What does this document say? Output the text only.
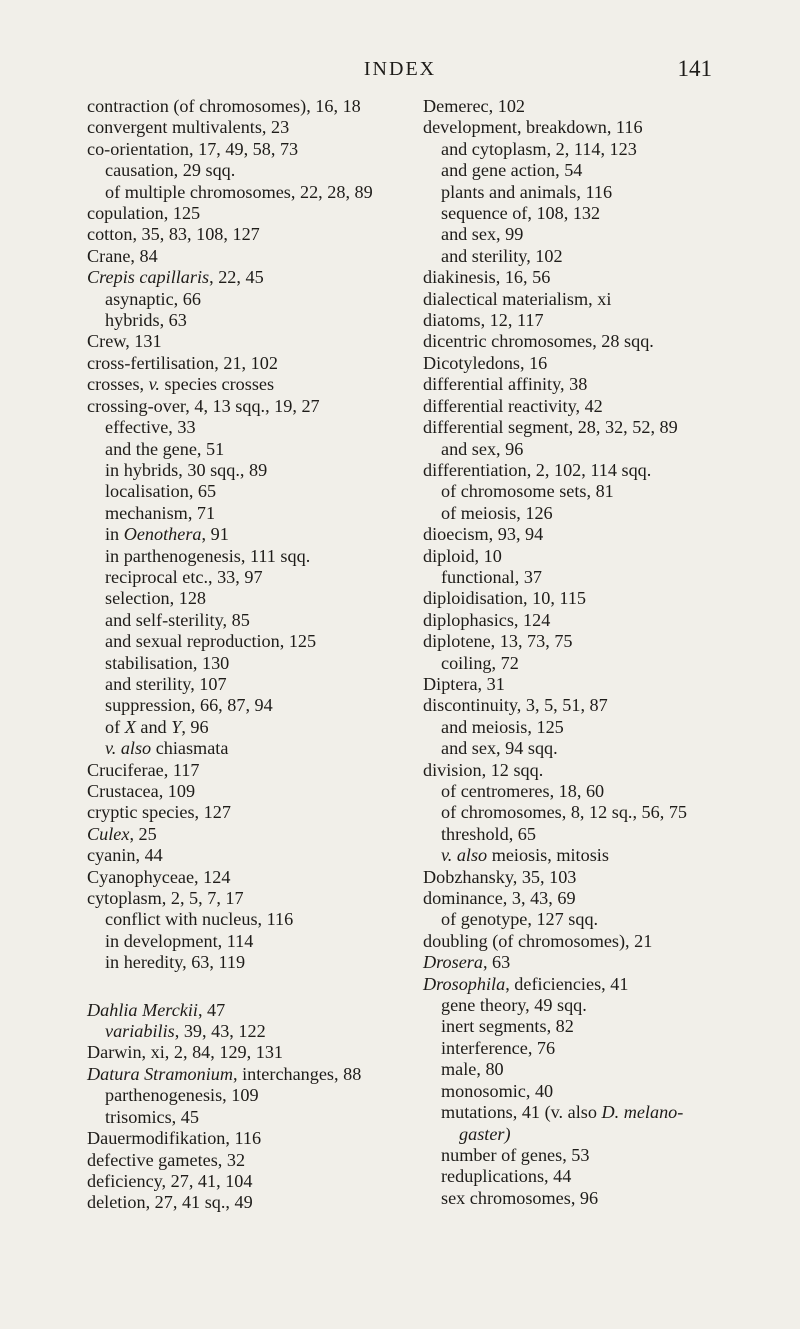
INDEX	141
contraction (of chromosomes), 16, 18
convergent multivalents, 23
co-orientation, 17, 49, 58, 73
causation, 29 sqq.
of multiple chromosomes, 22, 28, 89
copulation, 125
cotton, 35, 83, 108, 127
Crane, 84
Crepis capillaris, 22, 45
asynaptic, 66
hybrids, 63
Crew, 131
cross-fertilisation, 21, 102
crosses, v. species crosses
crossing-over, 4, 13 sqq., 19, 27
effective, 33
and the gene, 51
in hybrids, 30 sqq., 89
localisation, 65
mechanism, 71
in Oenothera, 91
in parthenogenesis, 111 sqq.
reciprocal etc., 33, 97
selection, 128
and self-sterility, 85
and sexual reproduction, 125
stabilisation, 130
and sterility, 107
suppression, 66, 87, 94
of X and Y, 96
v. also chiasmata
Cruciferae, 117
Crustacea, 109
cryptic species, 127
Culex, 25
cyanin, 44
Cyanophyceae, 124
cytoplasm, 2, 5, 7, 17
conflict with nucleus, 116
in development, 114
in heredity, 63, 119
Dahlia Merckii, 47
variabilis, 39, 43, 122
Darwin, xi, 2, 84, 129, 131
Datura Stramonium, interchanges, 88
parthenogenesis, 109
trisomics, 45
Dauermodifikation, 116
defective gametes, 32
deficiency, 27, 41, 104
deletion, 27, 41 sq., 49
Demerec, 102
development, breakdown, 116
and cytoplasm, 2, 114, 123
and gene action, 54
plants and animals, 116
sequence of, 108, 132
and sex, 99
and sterility, 102
diakinesis, 16, 56
dialectical materialism, xi
diatoms, 12, 117
dicentric chromosomes, 28 sqq.
Dicotyledons, 16
differential affinity, 38
differential reactivity, 42
differential segment, 28, 32, 52, 89
and sex, 96
differentiation, 2, 102, 114 sqq.
of chromosome sets, 81
of meiosis, 126
dioecism, 93, 94
diploid, 10
functional, 37
diploidisation, 10, 115
diplophasics, 124
diplotene, 13, 73, 75
coiling, 72
Diptera, 31
discontinuity, 3, 5, 51, 87
and meiosis, 125
and sex, 94 sqq.
division, 12 sqq.
of centromeres, 18, 60
of chromosomes, 8, 12 sq., 56, 75
threshold, 65
v. also meiosis, mitosis
Dobzhansky, 35, 103
dominance, 3, 43, 69
of genotype, 127 sqq.
doubling (of chromosomes), 21
Drosera, 63
Drosophila, deficiencies, 41
gene theory, 49 sqq.
inert segments, 82
interference, 76
male, 80
monosomic, 40
mutations, 41 (v. also D. melano-
gaster)
number of genes, 53
reduplications, 44
sex chromosomes, 96
